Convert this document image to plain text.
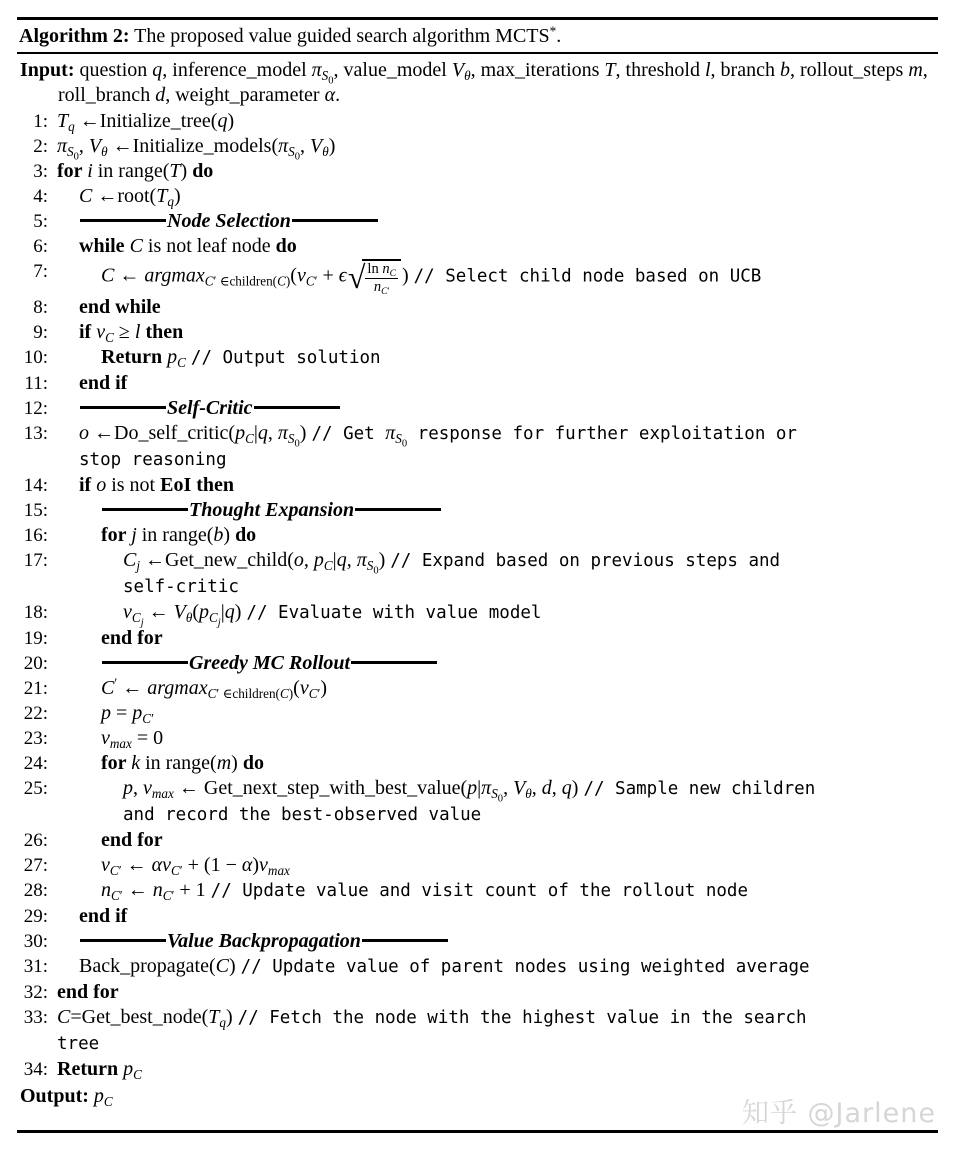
Algorithm 2: The proposed value guided search algorithm MCTS*.
Input: question q, inference_model $\pi_{S_0}$, value_model $V_\theta$, max_iterations T, threshold l, branch b, rollout_steps m, roll_branch d, weight_parameter α.
1: $T_q$ ←Initialize_tree(q)
2: $\pi_{S_0}$, $V_\theta$ $\leftarrow Initialize\_models(\pi_{S_0}$, $V_\theta$)
3: for i in range(T) do
4:	C $\leftarrow root(T_q)$
5:	Node Selection
6:	while C is not leaf node do
7:	C ← $argmax_{C' \in children(C)}(v_{C'} + \epsilon$ √ $\frac{\ln n_C}{n_{C'}}$ ) // Select child node based on UCB
8:	end while
9:	if $v_C \ge l$ then
10:	Return $p_C$ // Output solution
11:	end if
12:	Self-Critic
13:	o $\leftarrow Do\_self\_critic(p_C|q$, $\pi_{S_0}$) // Get $\pi_{S_0}$ response for further exploitation or
stop reasoning
14:	if o is not EoI then
15:	Thought Expansion
16:	for j in range(b) do
17:	$C_j$ ←Get_new_child(o, $p_C|q$, $\pi_{S_0}$) // Expand based on previous steps and
self-critic
18:	$v_{C_j}$ ← $V_\theta(p_{C_j}|q)$ // Evaluate with value model
19:	end for
20:	Greedy MC Rollout
21:	C′ ← $argmax_{C' \in children(C)}(v_{C'})$
22:	$p = p_{C'}$
23:	$v_{max} = 0$
24:	for k in range(m) do
25:	p, $v_{max}$ ← $Get\_next\_step\_with\_best\_value(p|\pi_{S_0}$, $V_\theta$, d, q) // Sample new children
and record the best-observed value
26:	end for
27:	$v_{C'}$ ← $\alpha v_{C'} + (1 - \alpha)v_{max}$
28:	$n_{C'}$ ← $n_{C'} + 1$ // Update value and visit count of the rollout node
29:	end if
30:	Value Backpropagation
31:	Back_propagate(C) // Update value of parent nodes using weighted average
32: end for
33: $C=Get\_best\_node(T_q)$ // Fetch the node with the highest value in the search
tree
34: Return $p_C$
Output: $p_C$	知乎 @Jarlene
